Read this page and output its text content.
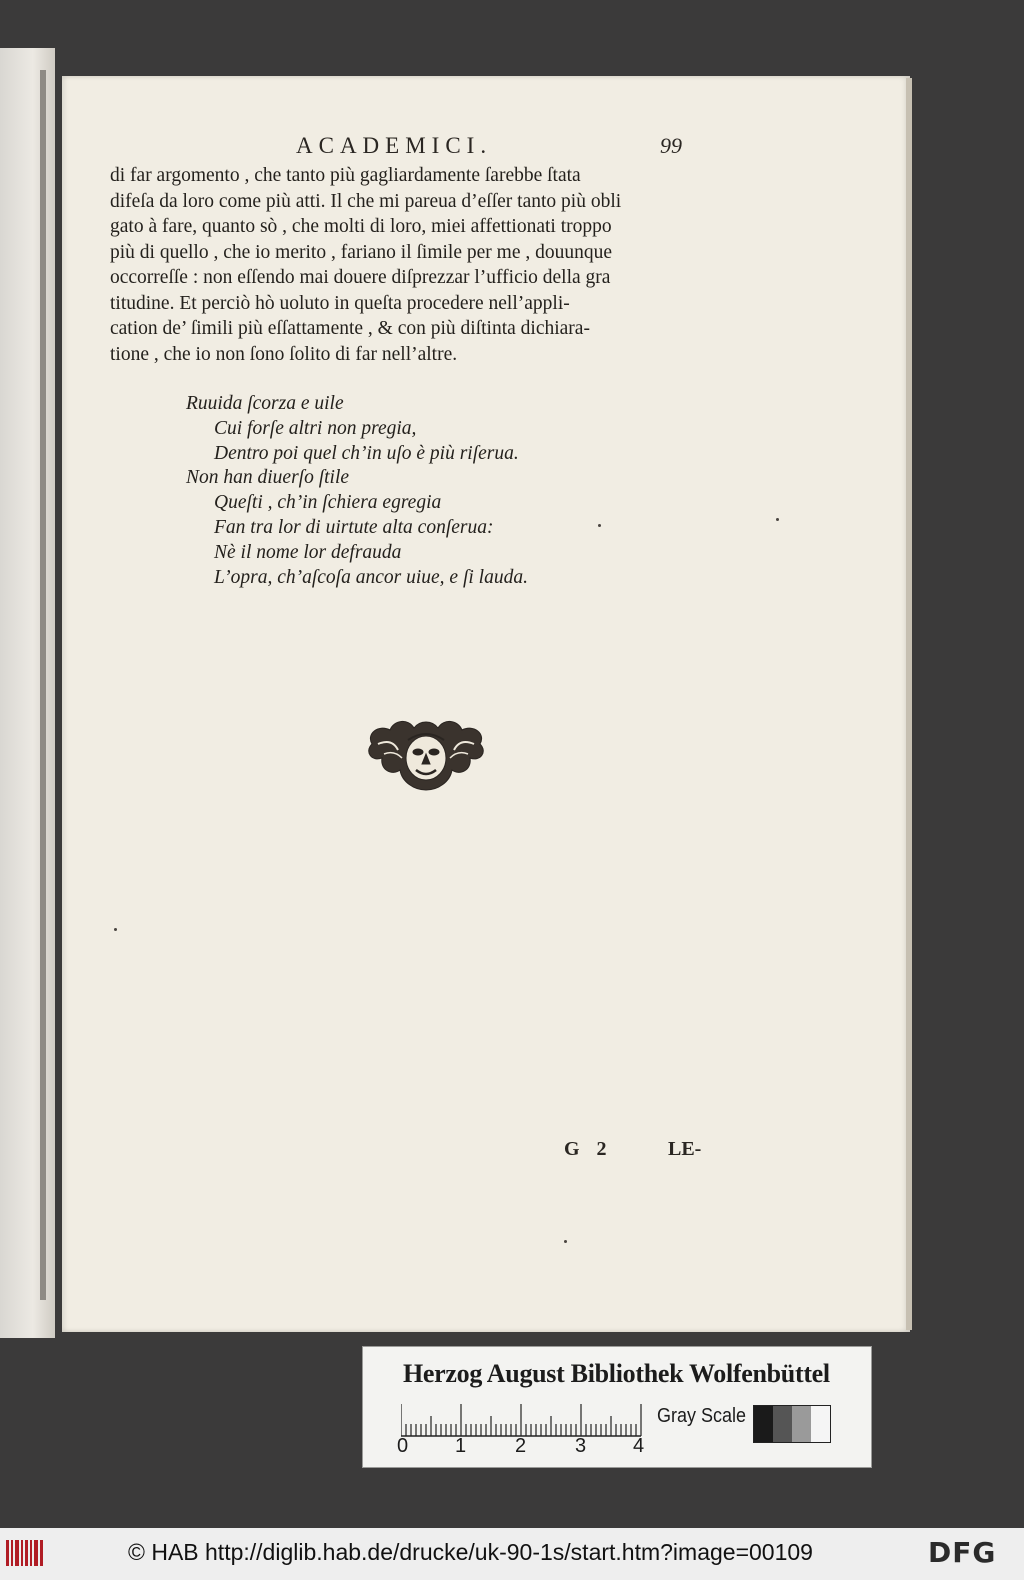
ACADEMICI.	99
di far argomento , che tanto più gagliardamente ſarebbe ſtata
difeſa da loro come più atti. Il che mi pareua d’eſſer tanto più obli
gato à fare, quanto sò , che molti di loro, miei affettionati troppo
più di quello , che io merito , fariano il ſimile per me , douunque
occorreſſe : non eſſendo mai douere diſprezzar l’ufficio della gra
titudine. Et perciò hò uoluto in queſta procedere nell’appli-
cation de’ ſimili più eſſattamente , & con più diſtinta dichiara-
tione , che io non ſono ſolito di far nell’altre.
Ruuida ſcorza e uile
Cui forſe altri non pregia,
Dentro poi quel ch’in uſo è più riſerua.
Non han diuerſo ſtile
Queſti , ch’in ſchiera egregia
Fan tra lor di uirtute alta conſerua:
Nè il nome lor defrauda
L’opra, ch’aſcoſa ancor uiue, e ſi lauda.
G 2	LE-
Herzog August Bibliothek Wolfenbüttel
0 1 2 3 4
Gray Scale
© HAB http://diglib.hab.de/drucke/uk-90-1s/start.htm?image=00109	DFG
